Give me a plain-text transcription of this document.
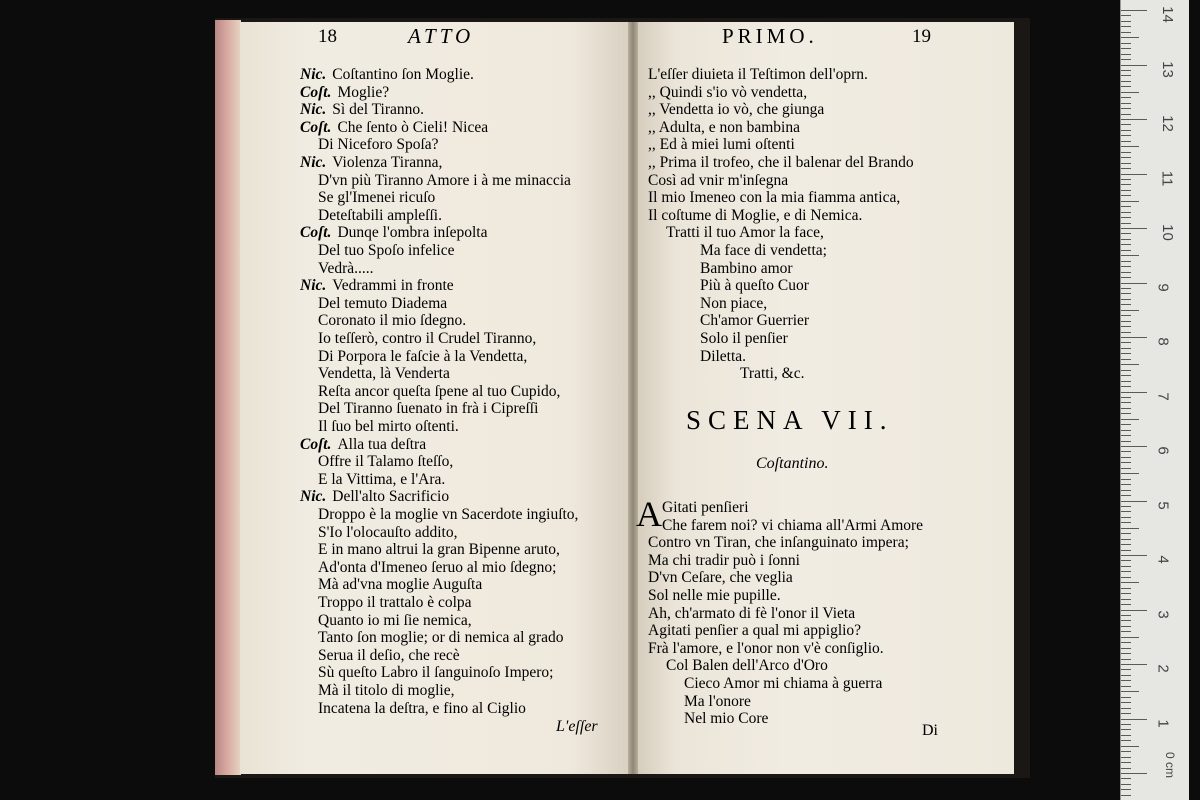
18	ATTO	PRIMO.	19
Nic. Coſtantino ſon Moglie.
Coſt. Moglie?
Nic. Sì del Tiranno.
Coſt. Che ſento ò Cieli! Nicea
Di Niceforo Spoſa?
Nic. Violenza Tiranna,
D'vn più Tiranno Amore i à me minaccia
Se gl'Imenei ricuſo
Deteſtabili ampleſſi.
Coſt. Dunqe l'ombra inſepolta
Del tuo Spoſo infelice
Vedrà.....
Nic. Vedrammi in fronte
Del temuto Diadema
Coronato il mio ſdegno.
Io teſſerò, contro il Crudel Tiranno,
Di Porpora le faſcie à la Vendetta,
Vendetta, là Venderta
Reſta ancor queſta ſpene al tuo Cupido,
Del Tiranno ſuenato in frà i Cipreſſi
Il ſuo bel mirto oſtenti.
Coſt. Alla tua deſtra
Offre il Talamo ſteſſo,
E la Vittima, e l'Ara.
Nic. Dell'alto Sacrificio
Droppo è la moglie vn Sacerdote ingiuſto,
S'Io l'olocauſto addito,
E in mano altrui la gran Bipenne aruto,
Ad'onta d'Imeneo ſeruo al mio ſdegno;
Mà ad'vna moglie Auguſta
Troppo il trattalo è colpa
Quanto io mi ſie nemica,
Tanto ſon moglie; or di nemica al grado
Serua il deſio, che recè
Sù queſto Labro il ſanguinoſo Impero;
Mà il titolo di moglie,
Incatena la deſtra, e fino al Ciglio
L'eſſer
L'eſſer diuieta il Teſtimon dell'oprn.
,, Quindi s'io vò vendetta,
,, Vendetta io vò, che giunga
,, Adulta, e non bambina
,, Ed à miei lumi oſtenti
,, Prima il trofeo, che il balenar del Brando
Così ad vnir m'inſegna
Il mio Imeneo con la mia fiamma antica,
Il coſtume di Moglie, e di Nemica.
Tratti il tuo Amor la face,
Ma face di vendetta;
Bambino amor
Più à queſto Cuor
Non piace,
Ch'amor Guerrier
Solo il penſier
Diletta.
Tratti, &c.
SCENA VII.
Coſtantino.
A Gitati penſieri
Che farem noi? vi chiama all'Armi Amore
Contro vn Tiran, che inſanguinato impera;
Ma chi tradir può i ſonni
D'vn Ceſare, che veglia
Sol nelle mie pupille.
Ah, ch'armato di fè l'onor il Vieta
Agitati penſier a qual mi appiglio?
Frà l'amore, e l'onor non v'è conſiglio.
Col Balen dell'Arco d'Oro
Cieco Amor mi chiama à guerra
Ma l'onore
Nel mio Core
Di
0 cm
14
13
12
11
10
9
8
7
6
5
4
3
2
1
